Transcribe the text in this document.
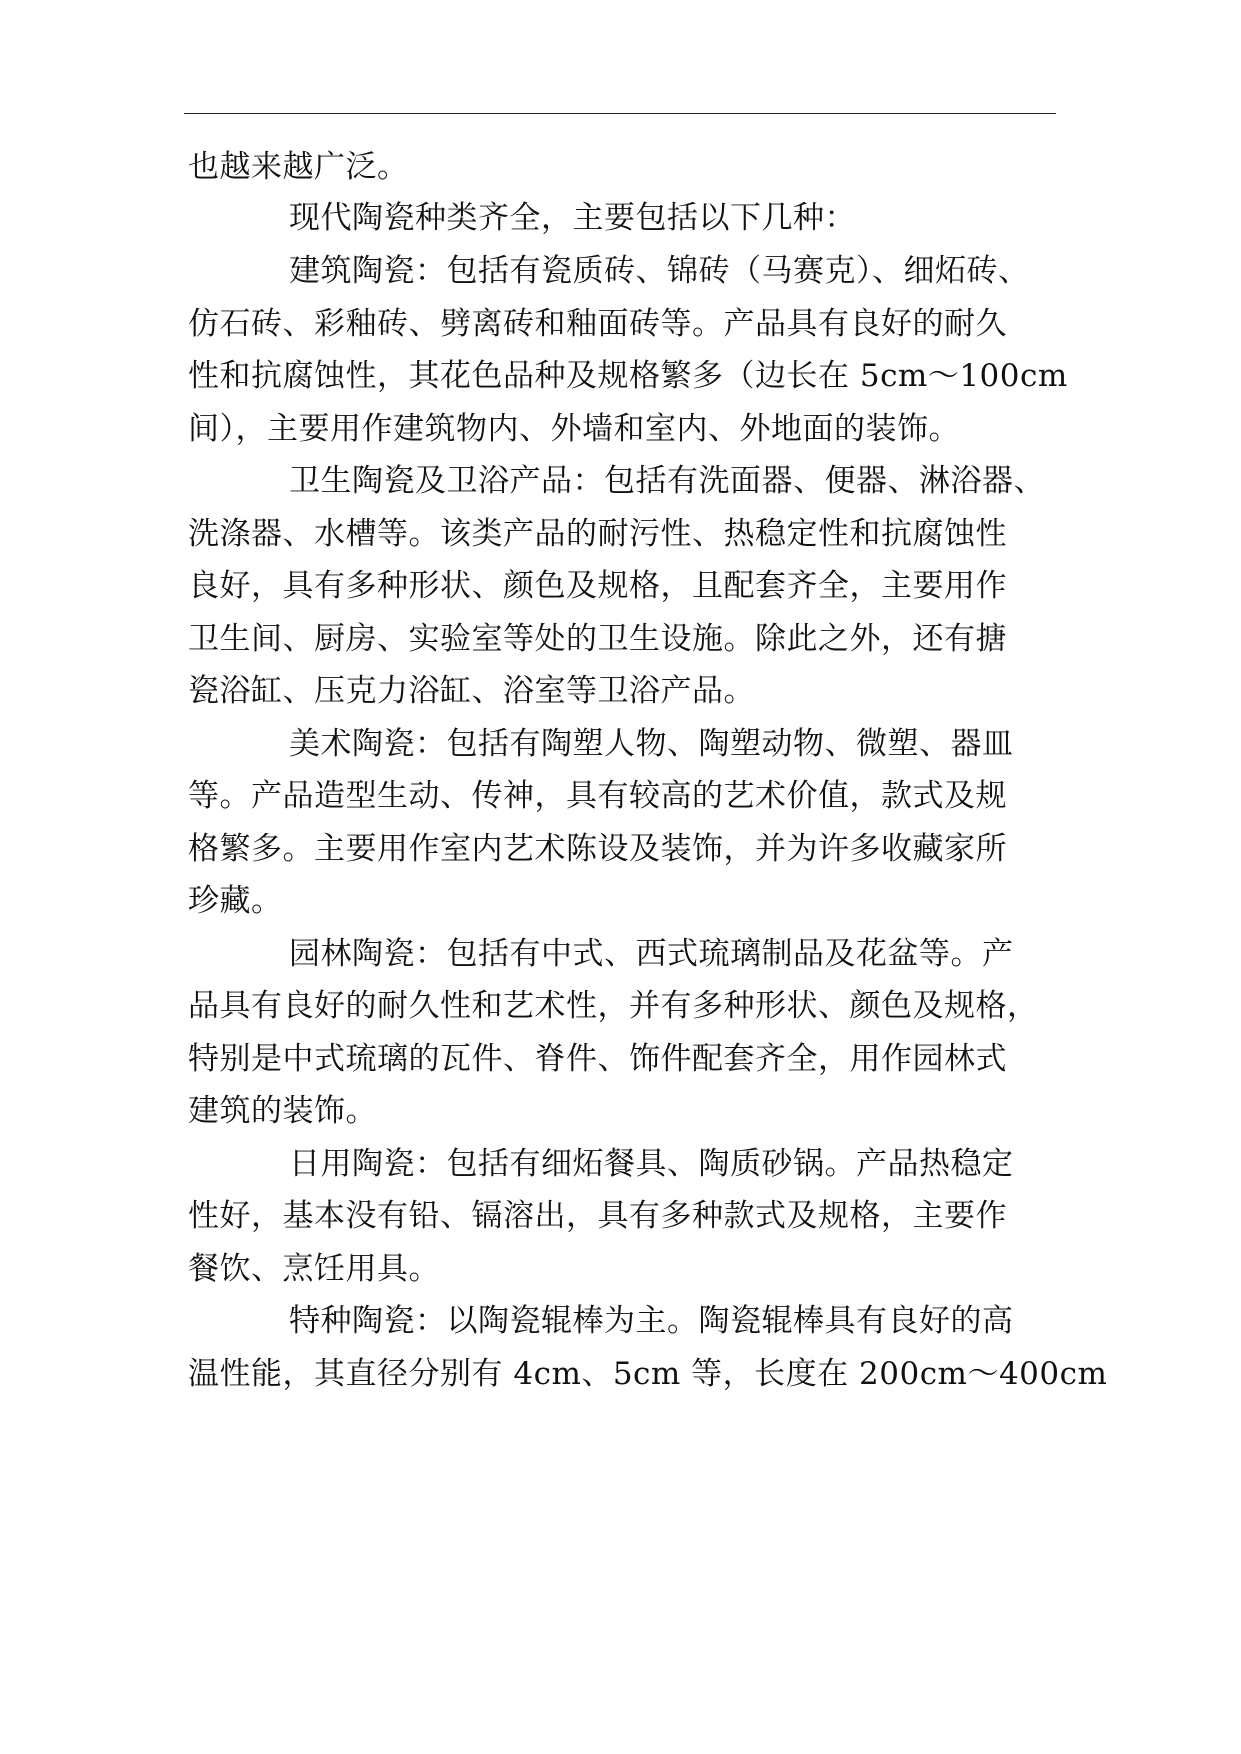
也越来越广泛。
现代陶瓷种类齐全，主要包括以下几种：
建筑陶瓷：包括有瓷质砖、锦砖（马赛克）、细炻砖、
仿石砖、彩釉砖、劈离砖和釉面砖等。产品具有良好的耐久
性和抗腐蚀性，其花色品种及规格繁多（边长在 5cm～100cm
间），主要用作建筑物内、外墙和室内、外地面的装饰。
卫生陶瓷及卫浴产品：包括有洗面器、便器、淋浴器、
洗涤器、水槽等。该类产品的耐污性、热稳定性和抗腐蚀性
良好，具有多种形状、颜色及规格，且配套齐全，主要用作
卫生间、厨房、实验室等处的卫生设施。除此之外，还有搪
瓷浴缸、压克力浴缸、浴室等卫浴产品。
美术陶瓷：包括有陶塑人物、陶塑动物、微塑、器皿
等。产品造型生动、传神，具有较高的艺术价值，款式及规
格繁多。主要用作室内艺术陈设及装饰，并为许多收藏家所
珍藏。
园林陶瓷：包括有中式、西式琉璃制品及花盆等。产
品具有良好的耐久性和艺术性，并有多种形状、颜色及规格，
特别是中式琉璃的瓦件、脊件、饰件配套齐全，用作园林式
建筑的装饰。
日用陶瓷：包括有细炻餐具、陶质砂锅。产品热稳定
性好，基本没有铅、镉溶出，具有多种款式及规格，主要作
餐饮、烹饪用具。
特种陶瓷：以陶瓷辊棒为主。陶瓷辊棒具有良好的高
温性能，其直径分别有 4cm、5cm 等，长度在 200cm～400cm
